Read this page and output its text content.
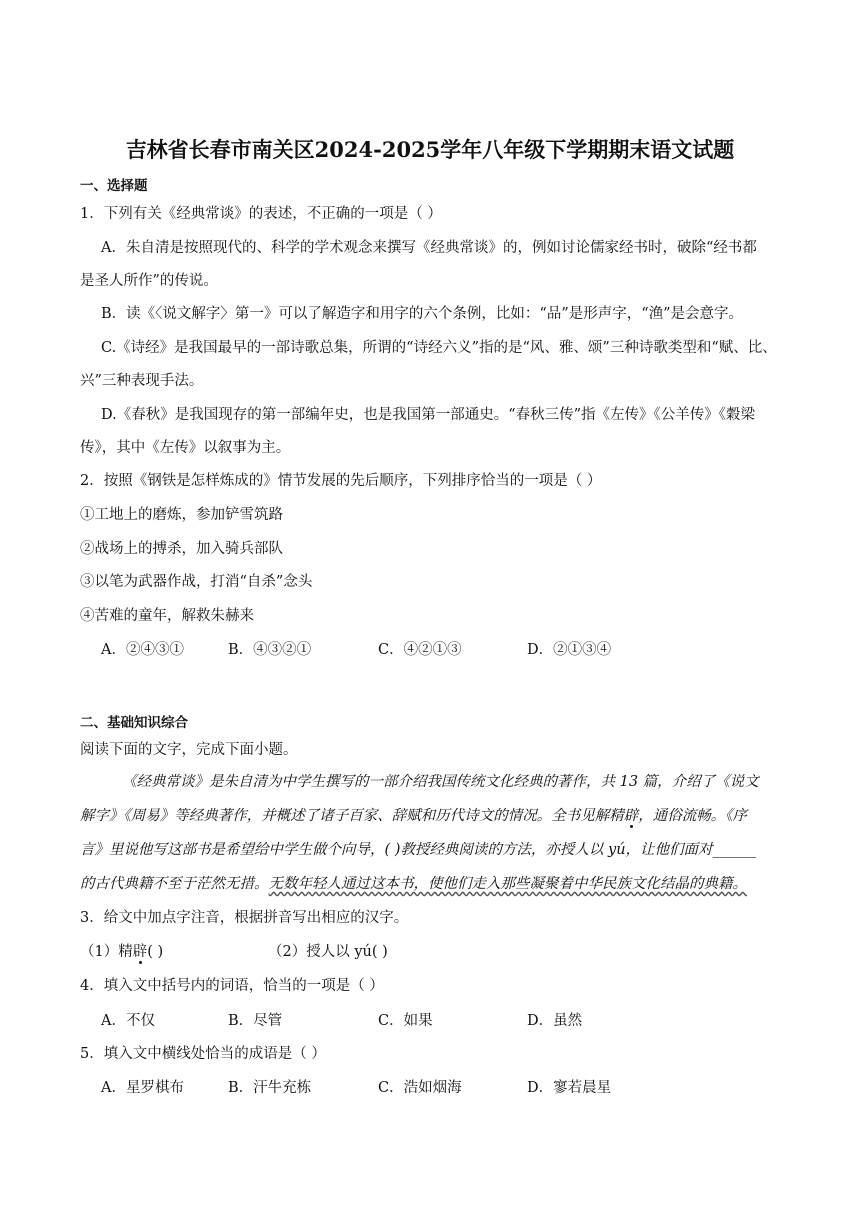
吉林省长春市南关区2024-2025学年八年级下学期期末语文试题
一、选择题
1．下列有关《经典常谈》的表述，不正确的一项是（ ）
A．朱自清是按照现代的、科学的学术观念来撰写《经典常谈》的，例如讨论儒家经书时，破除“经书都
是圣人所作”的传说。
B．读《〈说文解字〉第一》可以了解造字和用字的六个条例，比如：“品”是形声字，“渔”是会意字。
C.《诗经》是我国最早的一部诗歌总集，所谓的“诗经六义”指的是“风、雅、颂”三种诗歌类型和“赋、比、
兴”三种表现手法。
D.《春秋》是我国现存的第一部编年史，也是我国第一部通史。“春秋三传”指《左传》《公羊传》《穀梁
传》，其中《左传》以叙事为主。
2．按照《钢铁是怎样炼成的》情节发展的先后顺序，下列排序恰当的一项是（ ）
①工地上的磨炼，参加铲雪筑路
②战场上的搏杀，加入骑兵部队
③以笔为武器作战，打消“自杀”念头
④苦难的童年，解救朱赫来
A．②④③①	B．④③②①	C．④②①③	D．②①③④
二、基础知识综合
阅读下面的文字，完成下面小题。
《经典常谈》是朱自清为中学生撰写的一部介绍我国传统文化经典的著作，共 13 篇，介绍了《说文
解字》《周易》等经典著作，并概述了诸子百家、辞赋和历代诗文的情况。全书见解精辟，通俗流畅。《序
言》里说他写这部书是希望给中学生做个向导，( )教授经典阅读的方法，亦授人以 yú，让他们面对______
的古代典籍不至于茫然无措。无数年轻人通过这本书，使他们走入那些凝聚着中华民族文化结晶的典籍。
3．给文中加点字注音，根据拼音写出相应的汉字。
（1）精辟( )	（2）授人以 yú( )
4．填入文中括号内的词语，恰当的一项是（ ）
A．不仅	B．尽管	C．如果	D．虽然
5．填入文中横线处恰当的成语是（ ）
A．星罗棋布	B．汗牛充栋	C．浩如烟海	D．寥若晨星
